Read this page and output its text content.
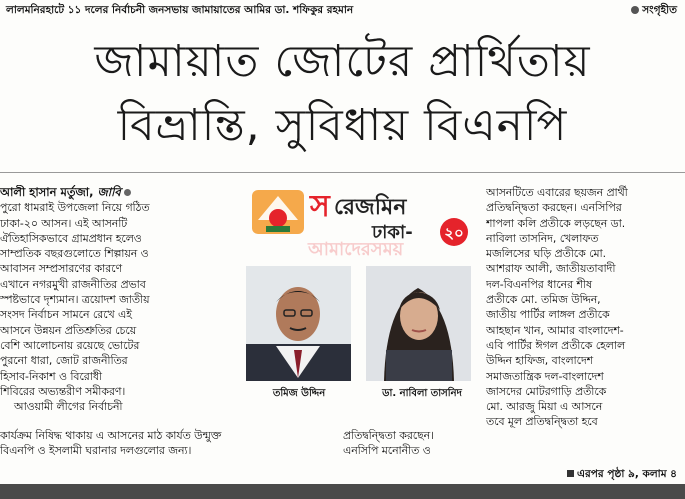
লালমনিরহাটে ১১ দলের নির্বাচনী জনসভায় জামায়াতের আমির ডা. শফিকুর রহমান	সংগৃহীত
জামায়াত জোটের প্রার্থিতায়
বিভ্রান্তি, সুবিধায় বিএনপি
আলী হাসান মর্তুজা, জাবি
পুরো ধামরাই উপজেলা নিয়ে গঠিত
ঢাকা-২০ আসন। এই আসনটি
ঐতিহাসিকভাবে গ্রামপ্রধান হলেও
সাম্প্রতিক বছরগুলোতে শিল্পায়ন ও
আবাসন সম্প্রসারণের কারণে
এখানে নগরমুখী রাজনীতির প্রভাব
স্পষ্টভাবে দৃশ্যমান। ত্রয়োদশ জাতীয়
সংসদ নির্বাচন সামনে রেখে এই
আসনে উন্নয়ন প্রতিশ্রুতির চেয়ে
বেশি আলোচনায় রয়েছে ভোটের
পুরনো ধারা, জোট রাজনীতির
হিসাব-নিকাশ ও বিরোধী
শিবিরের অভ্যন্তরীণ সমীকরণ।
আওয়ামী লীগের নির্বাচনী
কার্যক্রম নিষিদ্ধ থাকায় এ আসনের মাঠ কার্যত উন্মুক্ত
বিএনপি ও ইসলামী ঘরানার দলগুলোর জন্য।
স রেজমিন
ঢাকা- ২০
আমাদেরসময়
তমিজ উদ্দিন	ডা. নাবিলা তাসনিদ
প্রতিদ্বন্দ্বিতা করছেন।
এনসিপি মনোনীত ও
আসনটিতে এবারের ছয়জন প্রার্থী
প্রতিদ্বন্দ্বিতা করছেন। এনসিপির
শাপলা কলি প্রতীকে লড়ছেন ডা.
নাবিলা তাসনিদ, খেলাফত
মজলিসের ঘড়ি প্রতীকে মো.
আশরাফ আলী, জাতীয়তাবাদী
দল-বিএনপির ধানের শীষ
প্রতীকে মো. তমিজ উদ্দিন,
জাতীয় পার্টির লাঙ্গল প্রতীকে
আহছান খান, আমার বাংলাদেশ-
এবি পার্টির ঈগল প্রতীকে হেলাল
উদ্দিন হাফিজ, বাংলাদেশ
সমাজতান্ত্রিক দল-বাংলাদেশ
জাসদের মোটরগাড়ি প্রতীকে
মো. আরজু মিয়া এ আসনে
তবে মূল প্রতিদ্বন্দ্বিতা হবে
এরপর পৃষ্ঠা ৯, কলাম ৪
